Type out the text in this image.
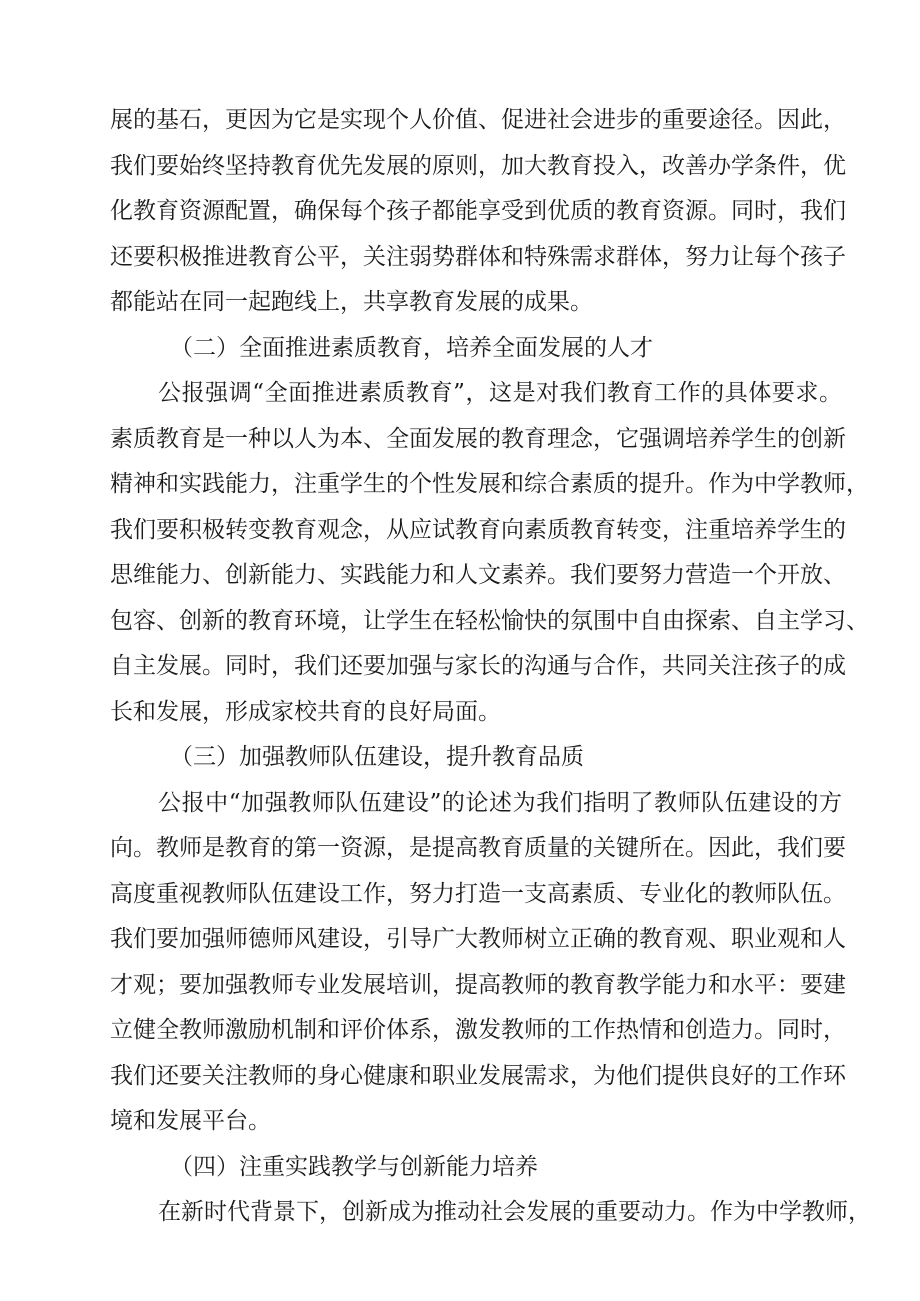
展的基石，更因为它是实现个人价值、促进社会进步的重要途径。因此，
我们要始终坚持教育优先发展的原则，加大教育投入，改善办学条件，优
化教育资源配置，确保每个孩子都能享受到优质的教育资源。同时，我们
还要积极推进教育公平，关注弱势群体和特殊需求群体，努力让每个孩子
都能站在同一起跑线上，共享教育发展的成果。
（二）全面推进素质教育，培养全面发展的人才
公报强调“全面推进素质教育”，这是对我们教育工作的具体要求。
素质教育是一种以人为本、全面发展的教育理念，它强调培养学生的创新
精神和实践能力，注重学生的个性发展和综合素质的提升。作为中学教师，
我们要积极转变教育观念，从应试教育向素质教育转变，注重培养学生的
思维能力、创新能力、实践能力和人文素养。我们要努力营造一个开放、
包容、创新的教育环境，让学生在轻松愉快的氛围中自由探索、自主学习、
自主发展。同时，我们还要加强与家长的沟通与合作，共同关注孩子的成
长和发展，形成家校共育的良好局面。
（三）加强教师队伍建设，提升教育品质
公报中“加强教师队伍建设”的论述为我们指明了教师队伍建设的方
向。教师是教育的第一资源，是提高教育质量的关键所在。因此，我们要
高度重视教师队伍建设工作，努力打造一支高素质、专业化的教师队伍。
我们要加强师德师风建设，引导广大教师树立正确的教育观、职业观和人
才观；要加强教师专业发展培训，提高教师的教育教学能力和水平：要建
立健全教师激励机制和评价体系，激发教师的工作热情和创造力。同时，
我们还要关注教师的身心健康和职业发展需求，为他们提供良好的工作环
境和发展平台。
（四）注重实践教学与创新能力培养
在新时代背景下，创新成为推动社会发展的重要动力。作为中学教师，
